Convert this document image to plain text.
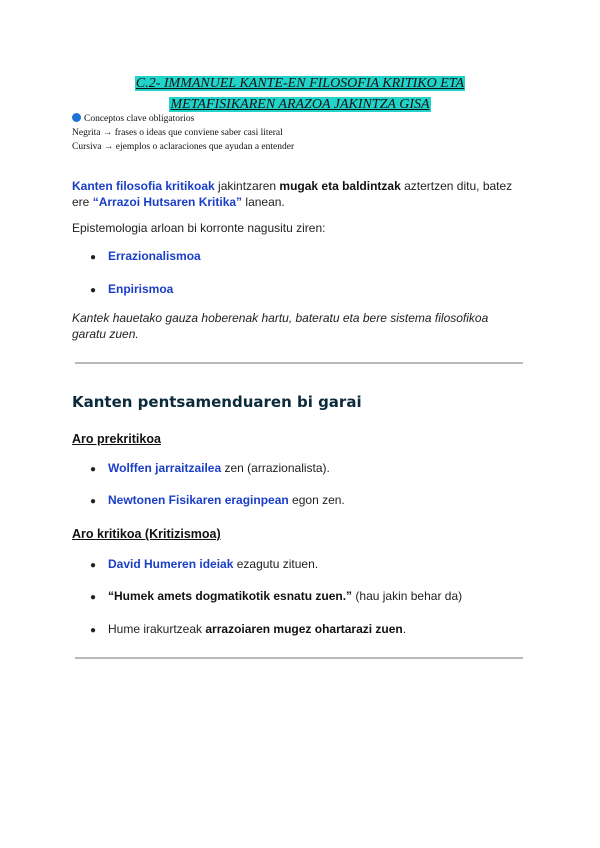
C.2- IMMANUEL KANTE-EN FILOSOFIA KRITIKO ETA
METAFISIKAREN ARAZOA JAKINTZA GISA
Conceptos clave obligatorios
Negrita → frases o ideas que conviene saber casi literal
Cursiva → ejemplos o aclaraciones que ayudan a entender
Kanten filosofia kritikoak jakintzaren mugak eta baldintzak aztertzen ditu, batez
ere “Arrazoi Hutsaren Kritika” lanean.
Epistemologia arloan bi korronte nagusitu ziren:
● Errazionalismoa
● Enpirismoa
Kantek hauetako gauza hoberenak hartu, bateratu eta bere sistema filosofikoa
garatu zuen.
Kanten pentsamenduaren bi garai
Aro prekritikoa
● Wolffen jarraitzailea zen (arrazionalista).
● Newtonen Fisikaren eraginpean egon zen.
Aro kritikoa (Kritizismoa)
● David Humeren ideiak ezagutu zituen.
● “Humek amets dogmatikotik esnatu zuen.” (hau jakin behar da)
● Hume irakurtzeak arrazoiaren mugez ohartarazi zuen.
